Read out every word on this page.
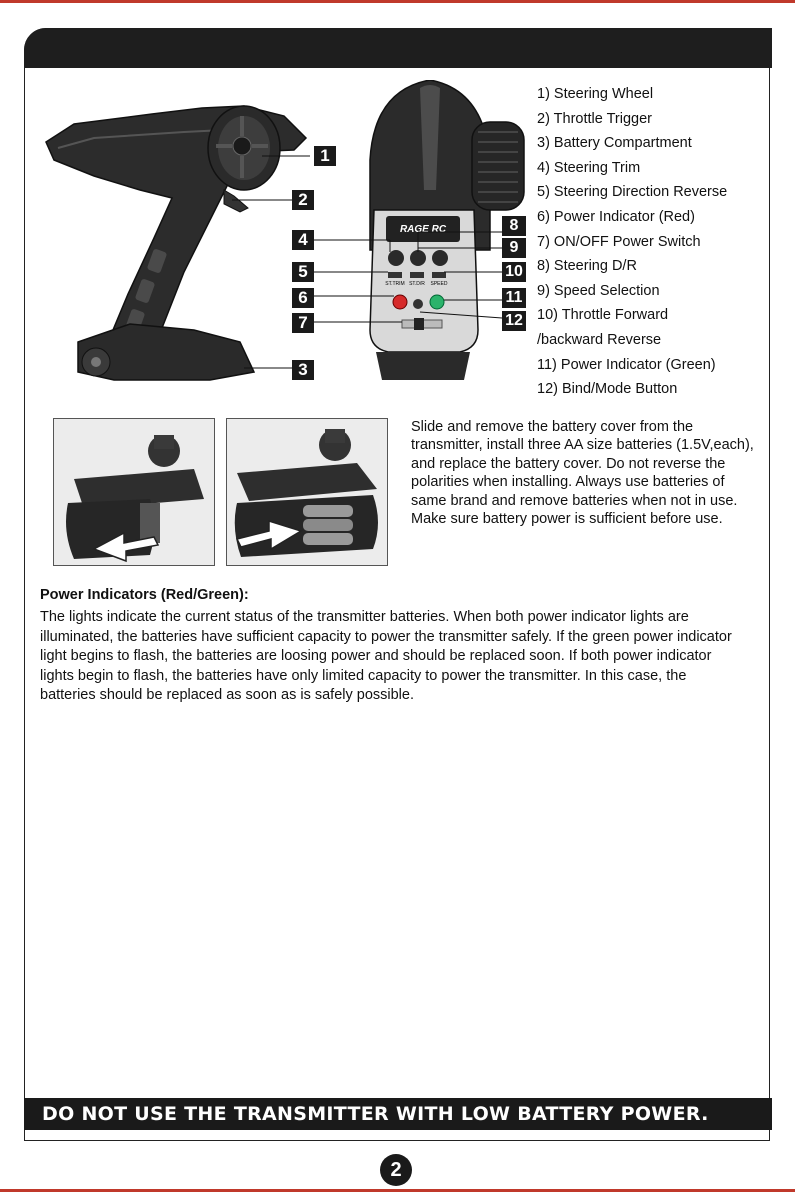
RAGE RC
ST.TRIM ST.D/R SPEED
1
2
3
4
5
6
7
8
9
10
11
12
1) Steering Wheel
2) Throttle Trigger
3) Battery Compartment
4) Steering Trim
5) Steering Direction Reverse
6) Power Indicator (Red)
7) ON/OFF Power Switch
8) Steering D/R
9) Speed Selection
10) Throttle Forward
/backward Reverse
11) Power Indicator (Green)
12) Bind/Mode Button

Slide and remove the battery cover from the transmitter, install three AA size batteries (1.5V,each), and replace the battery cover. Do not reverse the polarities when installing. Always use batteries of same brand and remove batteries when not in use. Make sure battery power is sufficient before use.

Power Indicators (Red/Green):

The lights indicate the current status of the transmitter batteries. When both power indicator lights are illuminated, the batteries have sufficient capacity to power the transmitter safely. If the green power indicator light begins to flash, the batteries are loosing power and should be replaced soon. If both power indicator lights begin to flash, the batteries have only limited capacity to power the transmitter. In this case, the batteries should be replaced as soon as is safely possible.

DO NOT USE THE TRANSMITTER WITH LOW BATTERY POWER.
2
